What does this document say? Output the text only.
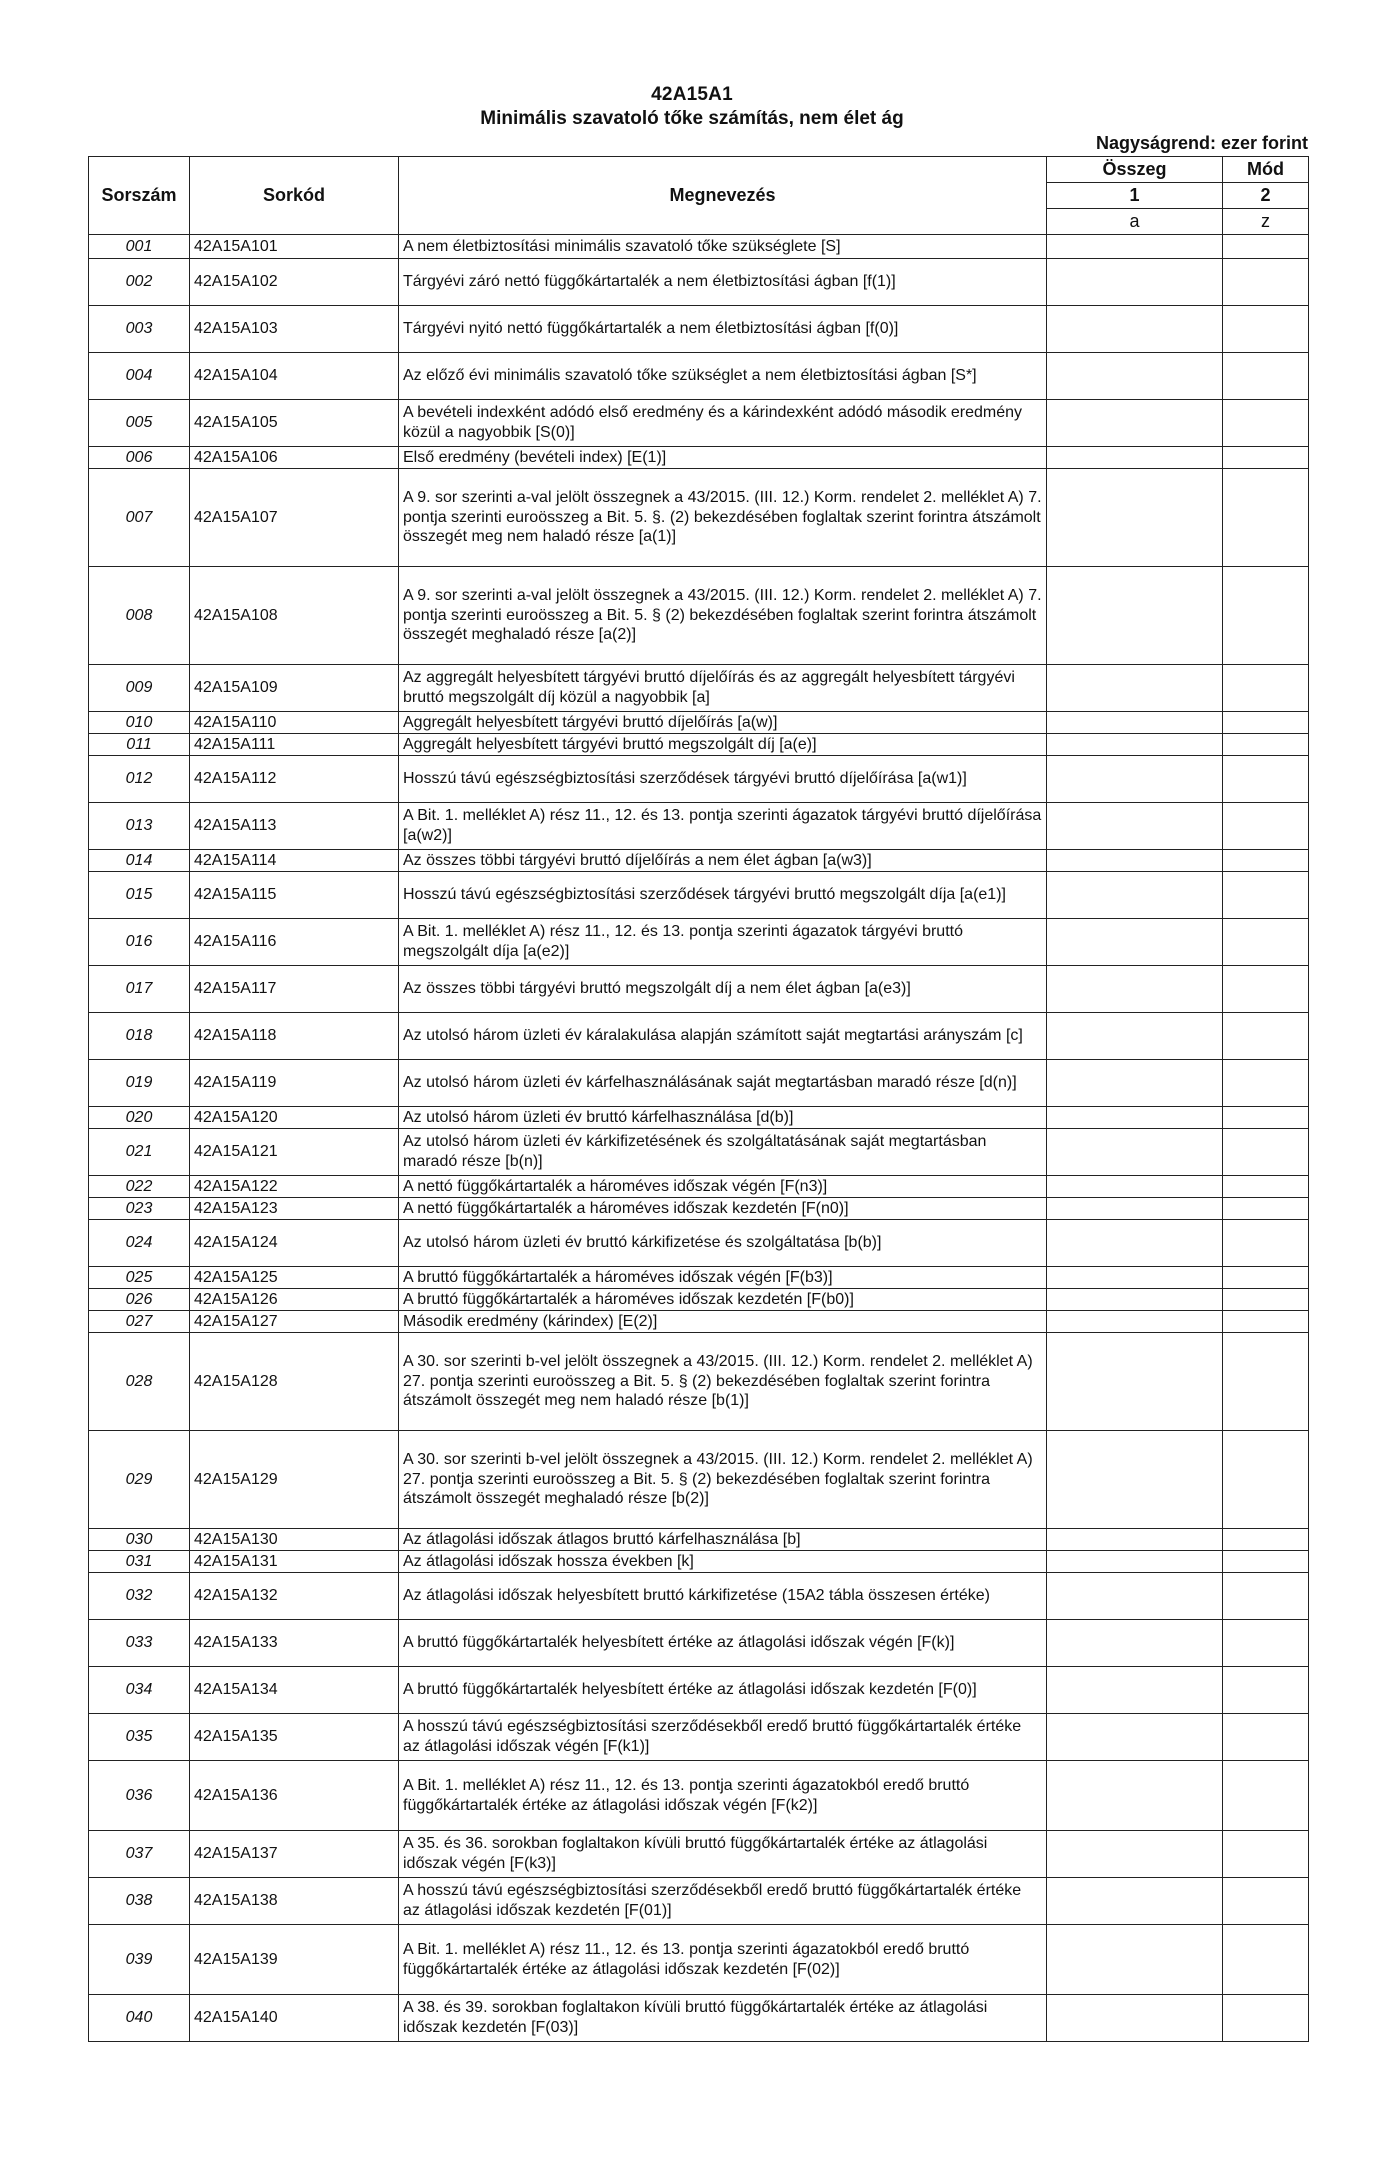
42A15A1
Minimális szavatoló tőke számítás, nem élet ág
Nagyságrend: ezer forint
Sorszám	Sorkód	Megnevezés	Összeg	Mód
			1	2
			a	z
001	42A15A101	A nem életbiztosítási minimális szavatoló tőke szükséglete [S]		
002	42A15A102	Tárgyévi záró nettó függőkártartalék a nem életbiztosítási ágban [f(1)]		
003	42A15A103	Tárgyévi nyitó nettó függőkártartalék a nem életbiztosítási ágban [f(0)]		
004	42A15A104	Az előző évi minimális szavatoló tőke szükséglet a nem életbiztosítási ágban [S*]		
005	42A15A105	A bevételi indexként adódó első eredmény és a kárindexként adódó második eredmény közül a nagyobbik [S(0)]		
006	42A15A106	Első eredmény (bevételi index) [E(1)]		
007	42A15A107	A 9. sor szerinti a-val jelölt összegnek a 43/2015. (III. 12.) Korm. rendelet 2. melléklet A) 7. pontja szerinti euroösszeg a Bit. 5. §. (2) bekezdésében foglaltak szerint forintra átszámolt összegét meg nem haladó része [a(1)]		
008	42A15A108	A 9. sor szerinti a-val jelölt összegnek a 43/2015. (III. 12.) Korm. rendelet 2. melléklet A) 7. pontja szerinti euroösszeg a Bit. 5. § (2) bekezdésében foglaltak szerint forintra átszámolt összegét meghaladó része [a(2)]		
009	42A15A109	Az aggregált helyesbített tárgyévi bruttó díjelőírás és az aggregált helyesbített tárgyévi bruttó megszolgált díj közül a nagyobbik [a]		
010	42A15A110	Aggregált helyesbített tárgyévi bruttó díjelőírás [a(w)]		
011	42A15A111	Aggregált helyesbített tárgyévi bruttó megszolgált díj [a(e)]		
012	42A15A112	Hosszú távú egészségbiztosítási szerződések tárgyévi bruttó díjelőírása [a(w1)]		
013	42A15A113	A Bit. 1. melléklet A) rész 11., 12. és 13. pontja szerinti ágazatok tárgyévi bruttó díjelőírása [a(w2)]		
014	42A15A114	Az összes többi tárgyévi bruttó díjelőírás a nem élet ágban [a(w3)]		
015	42A15A115	Hosszú távú egészségbiztosítási szerződések tárgyévi bruttó megszolgált díja [a(e1)]		
016	42A15A116	A Bit. 1. melléklet A) rész 11., 12. és 13. pontja szerinti ágazatok tárgyévi bruttó megszolgált díja [a(e2)]		
017	42A15A117	Az összes többi tárgyévi bruttó megszolgált díj a nem élet ágban [a(e3)]		
018	42A15A118	Az utolsó három üzleti év káralakulása alapján számított saját megtartási arányszám [c]		
019	42A15A119	Az utolsó három üzleti év kárfelhasználásának saját megtartásban maradó része [d(n)]		
020	42A15A120	Az utolsó három üzleti év bruttó kárfelhasználása [d(b)]		
021	42A15A121	Az utolsó három üzleti év kárkifizetésének és szolgáltatásának saját megtartásban maradó része [b(n)]		
022	42A15A122	A nettó függőkártartalék a hároméves időszak végén [F(n3)]		
023	42A15A123	A nettó függőkártartalék a hároméves időszak kezdetén [F(n0)]		
024	42A15A124	Az utolsó három üzleti év bruttó kárkifizetése és szolgáltatása [b(b)]		
025	42A15A125	A bruttó függőkártartalék a hároméves időszak végén [F(b3)]		
026	42A15A126	A bruttó függőkártartalék a hároméves időszak kezdetén [F(b0)]		
027	42A15A127	Második eredmény (kárindex) [E(2)]		
028	42A15A128	A 30. sor szerinti b-vel jelölt összegnek a 43/2015. (III. 12.) Korm. rendelet 2. melléklet A) 27. pontja szerinti euroösszeg a Bit. 5. § (2) bekezdésében foglaltak szerint forintra átszámolt összegét meg nem haladó része [b(1)]		
029	42A15A129	A 30. sor szerinti b-vel jelölt összegnek a 43/2015. (III. 12.) Korm. rendelet 2. melléklet A) 27. pontja szerinti euroösszeg a Bit. 5. § (2) bekezdésében foglaltak szerint forintra átszámolt összegét meghaladó része [b(2)]		
030	42A15A130	Az átlagolási időszak átlagos bruttó kárfelhasználása [b]		
031	42A15A131	Az átlagolási időszak hossza években [k]		
032	42A15A132	Az átlagolási időszak helyesbített bruttó kárkifizetése (15A2 tábla összesen értéke)		
033	42A15A133	A bruttó függőkártartalék helyesbített értéke az átlagolási időszak végén [F(k)]		
034	42A15A134	A bruttó függőkártartalék helyesbített értéke az átlagolási időszak kezdetén [F(0)]		
035	42A15A135	A hosszú távú egészségbiztosítási szerződésekből eredő bruttó függőkártartalék értéke az átlagolási időszak végén [F(k1)]		
036	42A15A136	A Bit. 1. melléklet A) rész 11., 12. és 13. pontja szerinti ágazatokból eredő bruttó függőkártartalék értéke az átlagolási időszak végén [F(k2)]		
037	42A15A137	A 35. és 36. sorokban foglaltakon kívüli bruttó függőkártartalék értéke az átlagolási időszak végén [F(k3)]		
038	42A15A138	A hosszú távú egészségbiztosítási szerződésekből eredő bruttó függőkártartalék értéke az átlagolási időszak kezdetén [F(01)]		
039	42A15A139	A Bit. 1. melléklet A) rész 11., 12. és 13. pontja szerinti ágazatokból eredő bruttó függőkártartalék értéke az átlagolási időszak kezdetén [F(02)]		
040	42A15A140	A 38. és 39. sorokban foglaltakon kívüli bruttó függőkártartalék értéke az átlagolási időszak kezdetén [F(03)]		
